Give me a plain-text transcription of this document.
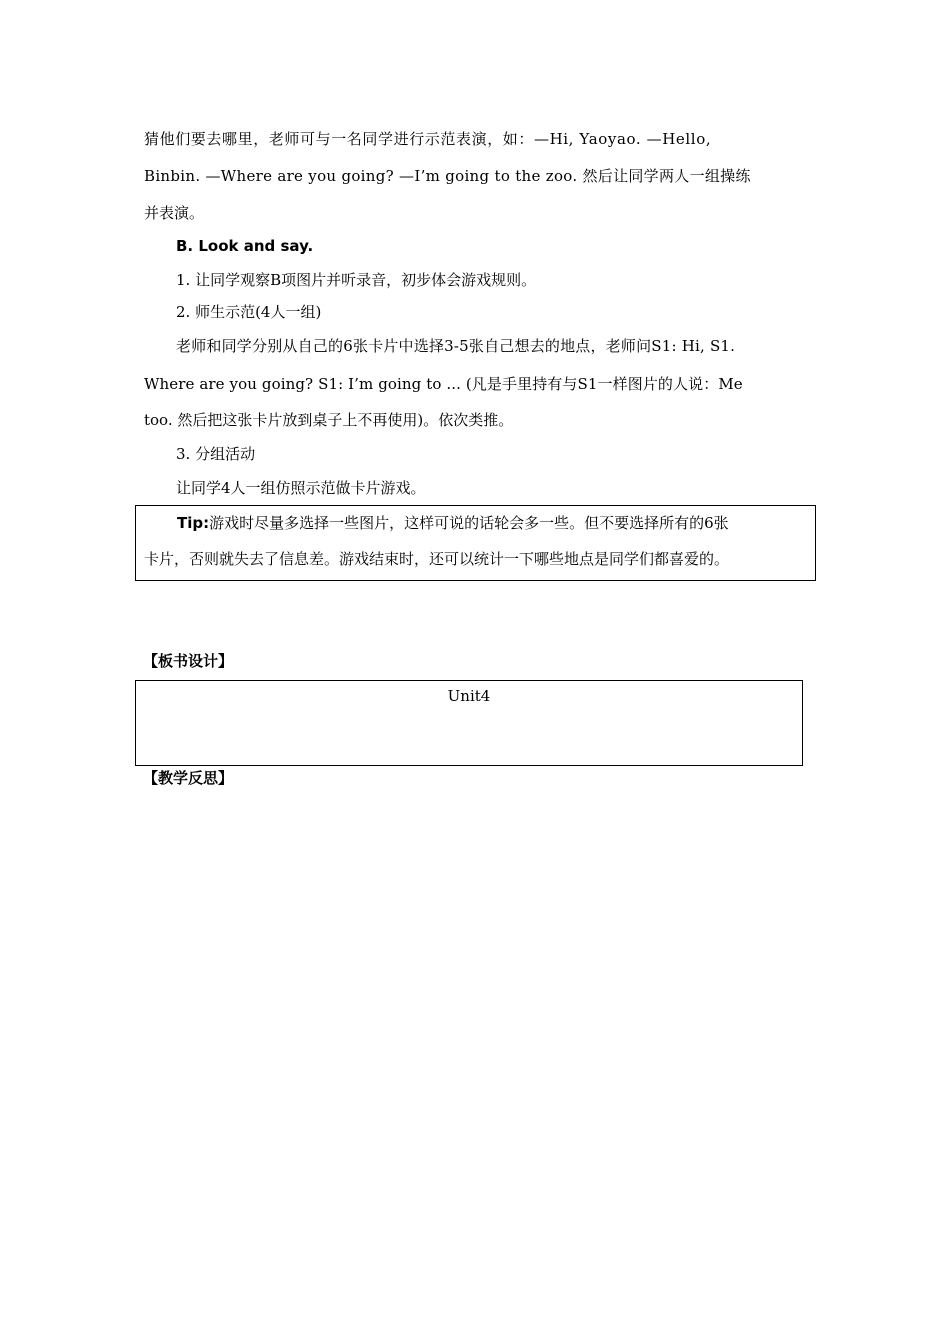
猜他们要去哪里，老师可与一名同学进行示范表演，如：—Hi, Yaoyao. —Hello,
Binbin. —Where are you going? —I’m going to the zoo. 然后让同学两人一组操练
并表演。
B. Look and say.
1. 让同学观察B项图片并听录音，初步体会游戏规则。
2. 师生示范(4人一组)
老师和同学分别从自己的6张卡片中选择3-5张自己想去的地点，老师问S1: Hi, S1.
Where are you going? S1: I’m going to ... (凡是手里持有与S1一样图片的人说：Me
too. 然后把这张卡片放到桌子上不再使用)。依次类推。
3. 分组活动
让同学4人一组仿照示范做卡片游戏。
Tip:游戏时尽量多选择一些图片，这样可说的话轮会多一些。但不要选择所有的6张
卡片，否则就失去了信息差。游戏结束时，还可以统计一下哪些地点是同学们都喜爱的。
【板书设计】
Unit4
【教学反思】
